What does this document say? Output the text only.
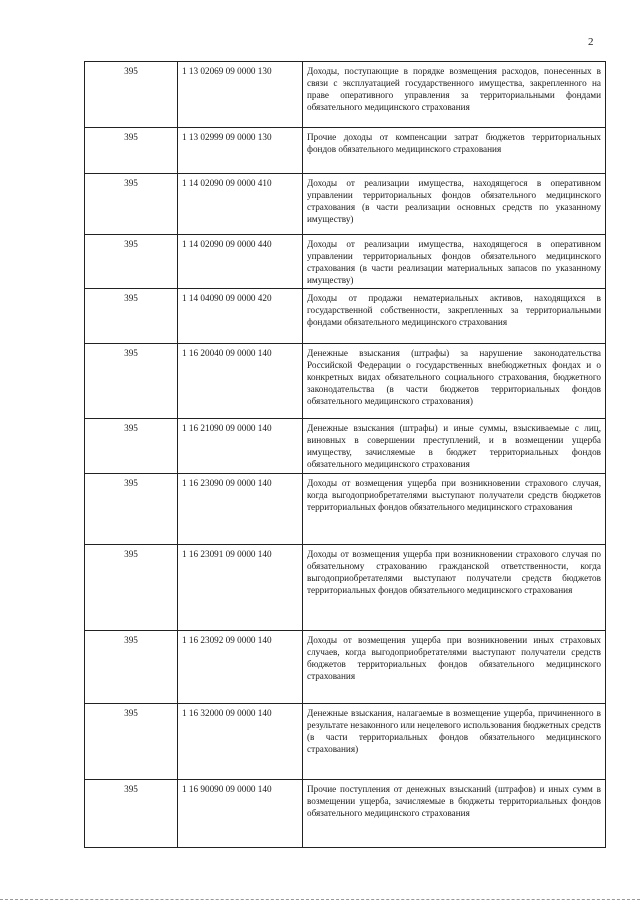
2
395	1 13 02069 09 0000 130	Доходы, поступающие в порядке возмещения расходов, понесенных в связи с эксплуатацией государственного имущества, закрепленного на праве оперативного управления за территориальными фондами обязательного медицинского страхования
395	1 13 02999 09 0000 130	Прочие доходы от компенсации затрат бюджетов территориальных фондов обязательного медицинского страхования
395	1 14 02090 09 0000 410	Доходы от реализации имущества, находящегося в оперативном управлении территориальных фондов обязательного медицинского страхования (в части реализации основных средств по указанному имуществу)
395	1 14 02090 09 0000 440	Доходы от реализации имущества, находящегося в оперативном управлении территориальных фондов обязательного медицинского страхования (в части реализации материальных запасов по указанному имуществу)
395	1 14 04090 09 0000 420	Доходы от продажи нематериальных активов, находящихся в государственной собственности, закрепленных за территориальными фондами обязательного медицинского страхования
395	1 16 20040 09 0000 140	Денежные взыскания (штрафы) за нарушение законодательства Российской Федерации о государственных внебюджетных фондах и о конкретных видах обязательного социального страхования, бюджетного законодательства (в части бюджетов территориальных фондов обязательного медицинского страхования)
395	1 16 21090 09 0000 140	Денежные взыскания (штрафы) и иные суммы, взыскиваемые с лиц, виновных в совершении преступлений, и в возмещении ущерба имуществу, зачисляемые в бюджет территориальных фондов обязательного медицинского страхования
395	1 16 23090 09 0000 140	Доходы от возмещения ущерба при возникновении страхового случая, когда выгодоприобретателями выступают получатели средств бюджетов территориальных фондов обязательного медицинского страхования
395	1 16 23091 09 0000 140	Доходы от возмещения ущерба при возникновении страхового случая по обязательному страхованию гражданской ответственности, когда выгодоприобретателями выступают получатели средств бюджетов территориальных фондов обязательного медицинского страхования
395	1 16 23092 09 0000 140	Доходы от возмещения ущерба при возникновении иных страховых случаев, когда выгодоприобретателями выступают получатели средств бюджетов территориальных фондов обязательного медицинского страхования
395	1 16 32000 09 0000 140	Денежные взыскания, налагаемые в возмещение ущерба, причиненного в результате незаконного или нецелевого использования бюджетных средств (в части территориальных фондов обязательного медицинского страхования)
395	1 16 90090 09 0000 140	Прочие поступления от денежных взысканий (штрафов) и иных сумм в возмещении ущерба, зачисляемые в бюджеты территориальных фондов обязательного медицинского страхования
